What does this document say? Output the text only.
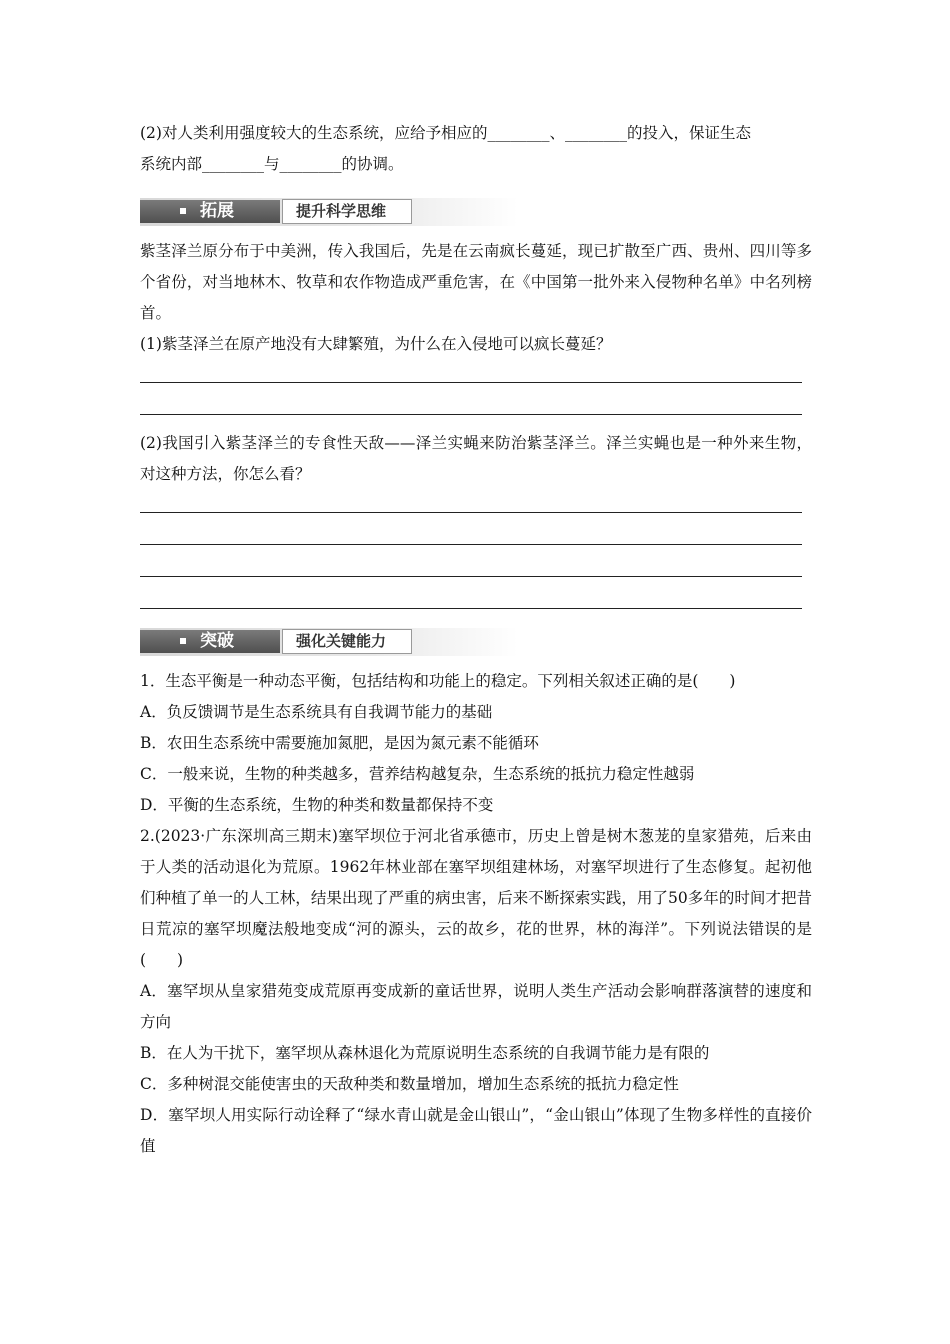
(2)对人类利用强度较大的生态系统，应给予相应的________、________的投入，保证生态

系统内部________与________的协调。

拓展	提升科学思维

紫茎泽兰原分布于中美洲，传入我国后，先是在云南疯长蔓延，现已扩散至广西、贵州、四川等多个省份，对当地林木、牧草和农作物造成严重危害，在《中国第一批外来入侵物种名单》中名列榜首。

(1)紫茎泽兰在原产地没有大肆繁殖，为什么在入侵地可以疯长蔓延？

(2)我国引入紫茎泽兰的专食性天敌——泽兰实蝇来防治紫茎泽兰。泽兰实蝇也是一种外来生物，对这种方法，你怎么看？

突破	强化关键能力

1．生态平衡是一种动态平衡，包括结构和功能上的稳定。下列相关叙述正确的是(　　)

A．负反馈调节是生态系统具有自我调节能力的基础

B．农田生态系统中需要施加氮肥，是因为氮元素不能循环

C．一般来说，生物的种类越多，营养结构越复杂，生态系统的抵抗力稳定性越弱

D．平衡的生态系统，生物的种类和数量都保持不变

2.(2023·广东深圳高三期末)塞罕坝位于河北省承德市，历史上曾是树木葱茏的皇家猎苑，后来由于人类的活动退化为荒原。1962年林业部在塞罕坝组建林场，对塞罕坝进行了生态修复。起初他们种植了单一的人工林，结果出现了严重的病虫害，后来不断探索实践，用了50多年的时间才把昔日荒凉的塞罕坝魔法般地变成“河的源头，云的故乡，花的世界，林的海洋”。下列说法错误的是(　　)

A．塞罕坝从皇家猎苑变成荒原再变成新的童话世界，说明人类生产活动会影响群落演替的速度和方向

B．在人为干扰下，塞罕坝从森林退化为荒原说明生态系统的自我调节能力是有限的

C．多种树混交能使害虫的天敌种类和数量增加，增加生态系统的抵抗力稳定性

D．塞罕坝人用实际行动诠释了“绿水青山就是金山银山”，“金山银山”体现了生物多样性的直接价值
